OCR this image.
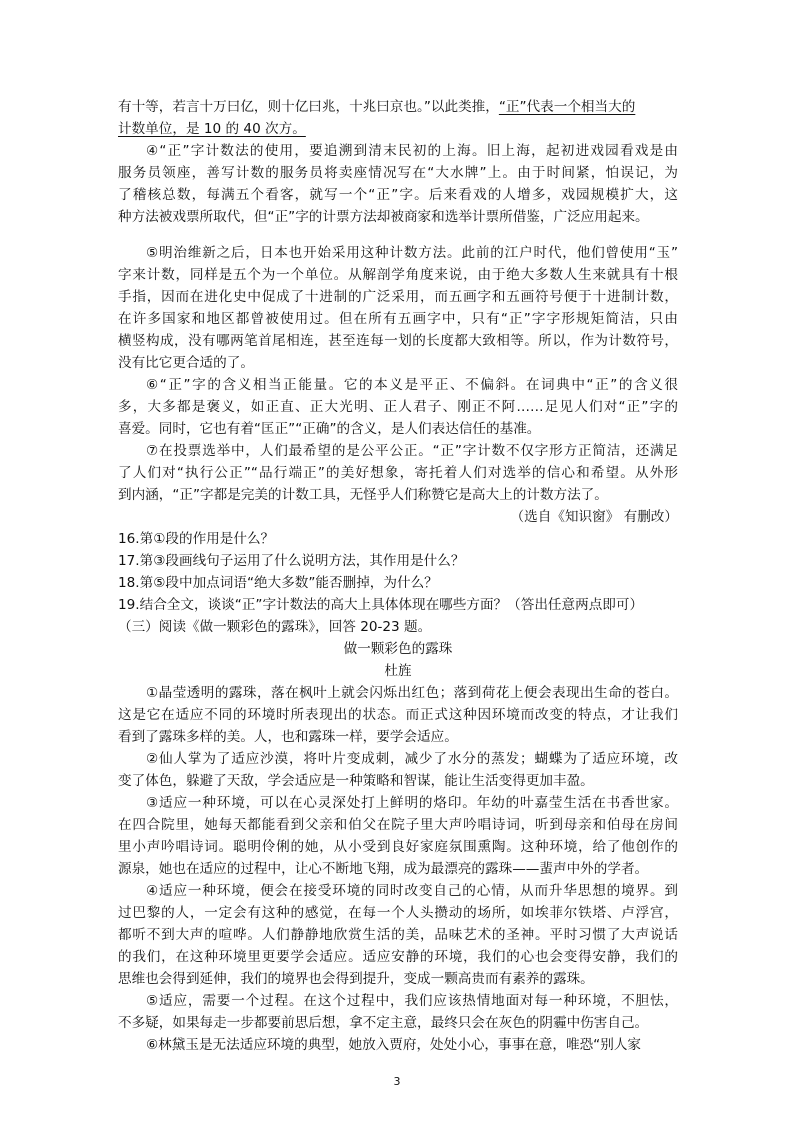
有十等，若言十万曰亿，则十亿曰兆，十兆曰京也。”以此类推，“正”代表一个相当大的
计数单位，是 10 的 40 次方。
④“正”字计数法的使用，要追溯到清末民初的上海。旧上海，起初进戏园看戏是由
服务员领座，善写计数的服务员将卖座情况写在“大水牌”上。由于时间紧，怕误记，为
了稽核总数，每满五个看客，就写一个“正”字。后来看戏的人增多，戏园规模扩大，这
种方法被戏票所取代，但“正”字的计票方法却被商家和选举计票所借鉴，广泛应用起来。
⑤明治维新之后，日本也开始采用这种计数方法。此前的江户时代，他们曾使用“玉”
字来计数，同样是五个为一个单位。从解剖学角度来说，由于绝大多数人生来就具有十根
手指，因而在进化史中促成了十进制的广泛采用，而五画字和五画符号便于十进制计数，
在许多国家和地区都曾被使用过。但在所有五画字中，只有“正”字字形规矩简洁，只由
横竖构成，没有哪两笔首尾相连，甚至连每一划的长度都大致相等。所以，作为计数符号，
没有比它更合适的了。
⑥“正”字的含义相当正能量。它的本义是平正、不偏斜。在词典中“正”的含义很
多，大多都是褒义，如正直、正大光明、正人君子、刚正不阿……足见人们对“正”字的
喜爱。同时，它也有着“匡正”“正确”的含义，是人们表达信任的基准。
⑦在投票选举中，人们最希望的是公平公正。“正”字计数不仅字形方正简洁，还满足
了人们对“执行公正”“品行端正”的美好想象，寄托着人们对选举的信心和希望。从外形
到内涵，“正”字都是完美的计数工具，无怪乎人们称赞它是高大上的计数方法了。
（选自《知识窗》 有删改）
16.第①段的作用是什么？
17.第③段画线句子运用了什么说明方法，其作用是什么？
18.第⑤段中加点词语“绝大多数”能否删掉，为什么？
19.结合全文，谈谈“正”字计数法的高大上具体体现在哪些方面？（答出任意两点即可）
（三）阅读《做一颗彩色的露珠》，回答 20-23 题。
做一颗彩色的露珠
杜旌
①晶莹透明的露珠，落在枫叶上就会闪烁出红色；落到荷花上便会表现出生命的苍白。
这是它在适应不同的环境时所表现出的状态。而正式这种因环境而改变的特点，才让我们
看到了露珠多样的美。人，也和露珠一样，要学会适应。
②仙人掌为了适应沙漠，将叶片变成刺，减少了水分的蒸发；蝴蝶为了适应环境，改
变了体色，躲避了天敌，学会适应是一种策略和智谋，能让生活变得更加丰盈。
③适应一种环境，可以在心灵深处打上鲜明的烙印。年幼的叶嘉莹生活在书香世家。
在四合院里，她每天都能看到父亲和伯父在院子里大声吟唱诗词，听到母亲和伯母在房间
里小声吟唱诗词。聪明伶俐的她，从小受到良好家庭氛围熏陶。这种环境，给了他创作的
源泉，她也在适应的过程中，让心不断地飞翔，成为最漂亮的露珠——蜚声中外的学者。
④适应一种环境，便会在接受环境的同时改变自己的心情，从而升华思想的境界。到
过巴黎的人，一定会有这种的感觉，在每一个人头攒动的场所，如埃菲尔铁塔、卢浮宫，
都听不到大声的喧哗。人们静静地欣赏生活的美，品味艺术的圣神。平时习惯了大声说话
的我们，在这种环境里更要学会适应。适应安静的环境，我们的心也会变得安静，我们的
思维也会得到延伸，我们的境界也会得到提升，变成一颗高贵而有素养的露珠。
⑤适应，需要一个过程。在这个过程中，我们应该热情地面对每一种环境，不胆怯，
不多疑，如果每走一步都要前思后想，拿不定主意，最终只会在灰色的阴霾中伤害自己。
⑥林黛玉是无法适应环境的典型，她放入贾府，处处小心，事事在意，唯恐“别人家
3
